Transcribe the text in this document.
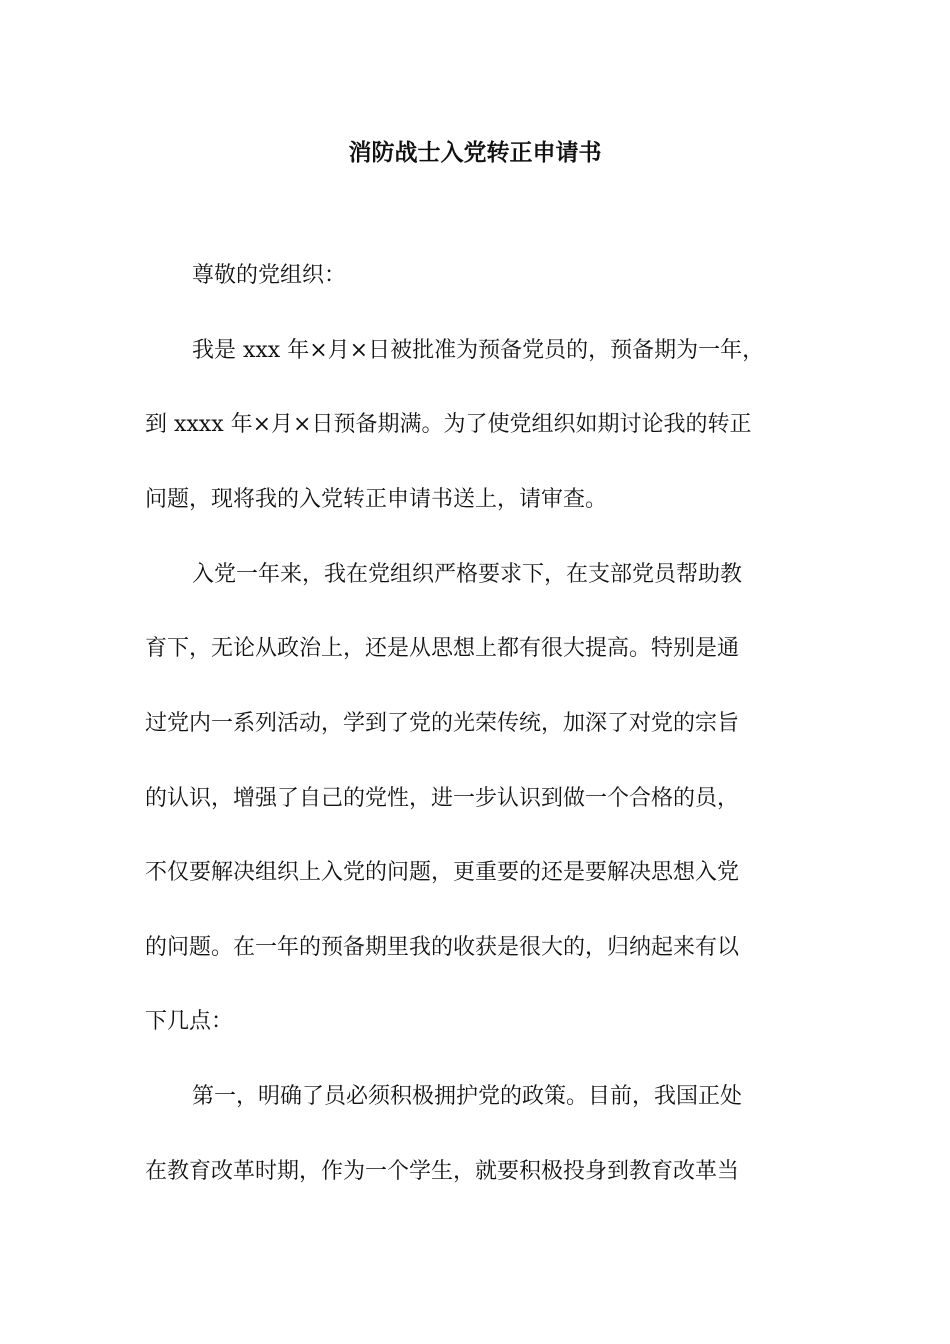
消防战士入党转正申请书

尊敬的党组织：

我是 xxx 年×月×日被批准为预备党员的，预备期为一年，

到 xxxx 年×月×日预备期满。为了使党组织如期讨论我的转正

问题，现将我的入党转正申请书送上，请审查。

入党一年来，我在党组织严格要求下，在支部党员帮助教

育下，无论从政治上，还是从思想上都有很大提高。特别是通

过党内一系列活动，学到了党的光荣传统，加深了对党的宗旨

的认识，增强了自己的党性，进一步认识到做一个合格的员，

不仅要解决组织上入党的问题，更重要的还是要解决思想入党

的问题。在一年的预备期里我的收获是很大的，归纳起来有以

下几点：

第一，明确了员必须积极拥护党的政策。目前，我国正处

在教育改革时期，作为一个学生，就要积极投身到教育改革当
